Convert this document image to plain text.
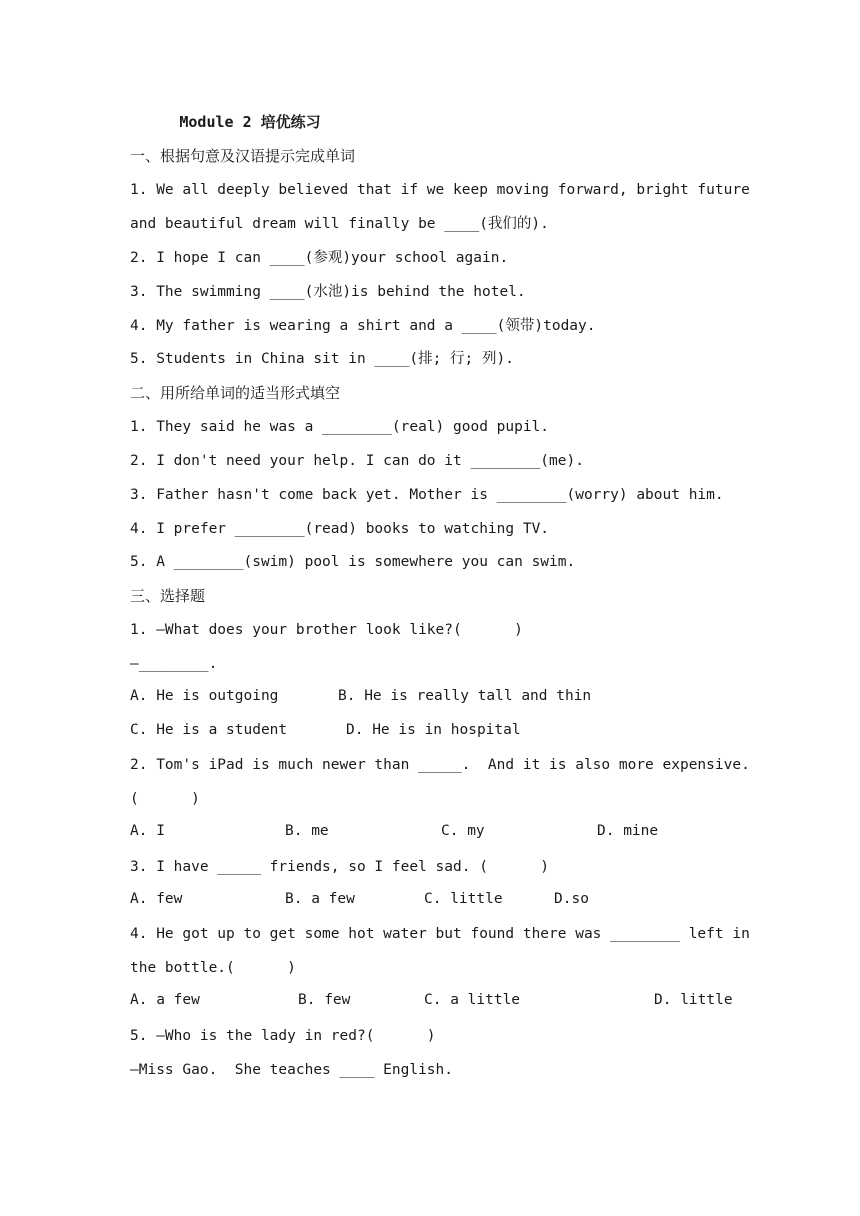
Module 2 培优练习
一、根据句意及汉语提示完成单词
1. We all deeply believed that if we keep moving forward, bright future
and beautiful dream will finally be ____(我们的).
2. I hope I can ____(参观)your school again.
3. The swimming ____(水池)is behind the hotel.
4. My father is wearing a shirt and a ____(领带)today.
5. Students in China sit in ____(排; 行; 列).
二、用所给单词的适当形式填空
1. They said he was a ________(real) good pupil.
2. I don't need your help. I can do it ________(me).
3. Father hasn't come back yet. Mother is ________(worry) about him.
4. I prefer ________(read) books to watching TV.
5. A ________(swim) pool is somewhere you can swim.
三、选择题
1. —What does your brother look like?(      )
—________.
A. He is outgoing	B. He is really tall and thin
C. He is a student	D. He is in hospital
2. Tom's iPad is much newer than _____.  And it is also more expensive.
(      )
A. I	B. me	C. my	D. mine
3. I have _____ friends, so I feel sad. (      )
A. few	B. a few	C. little	D.so
4. He got up to get some hot water but found there was ________ left in
the bottle.(      )
A. a few	B. few	C. a little	D. little
5. —Who is the lady in red?(      )
—Miss Gao.  She teaches ____ English.
